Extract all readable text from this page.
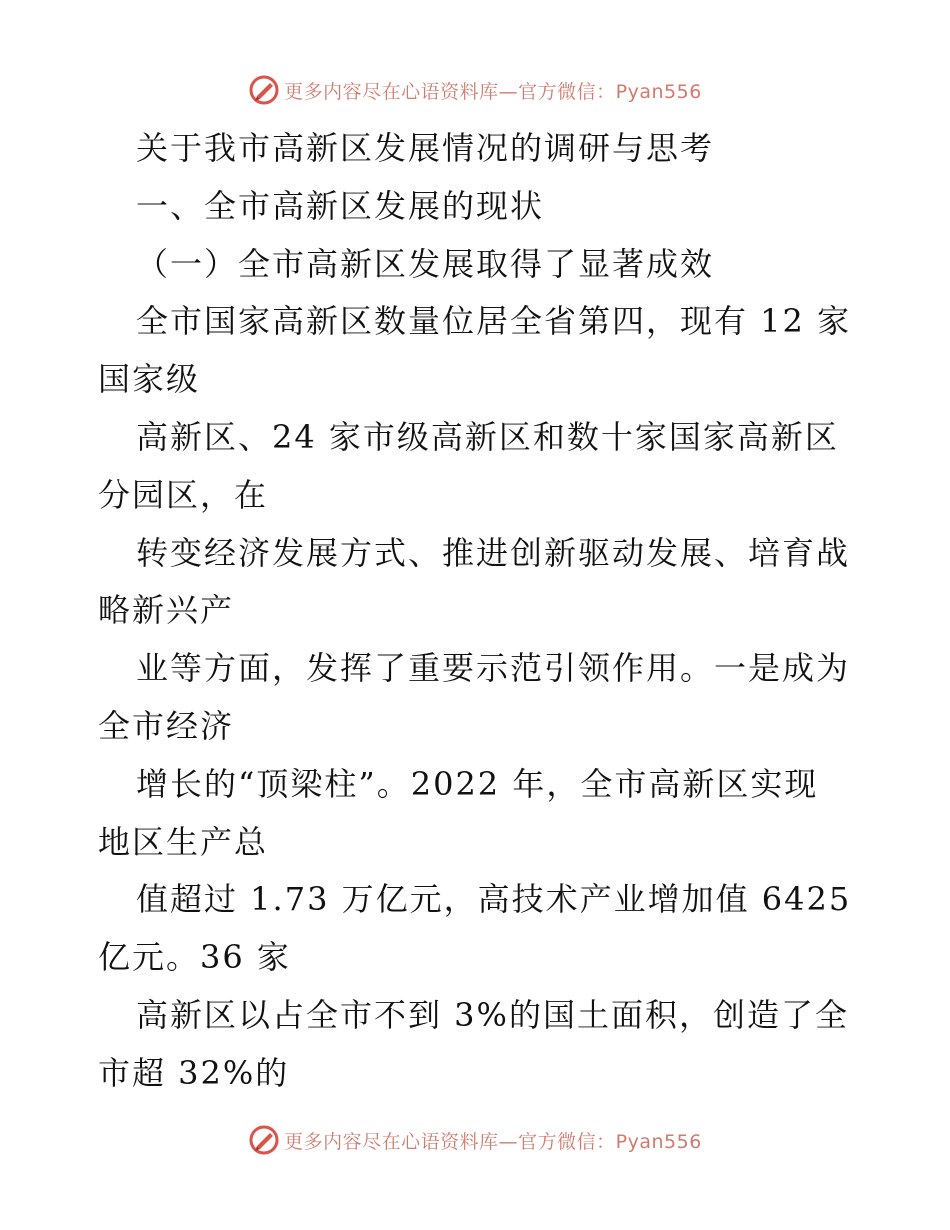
更多内容尽在心语资料库—官方微信：Pyan556
关于我市高新区发展情况的调研与思考
一、全市高新区发展的现状
（一）全市高新区发展取得了显著成效
全市国家高新区数量位居全省第四，现有 12 家
国家级
高新区、24 家市级高新区和数十家国家高新区
分园区，在
转变经济发展方式、推进创新驱动发展、培育战
略新兴产
业等方面，发挥了重要示范引领作用。一是成为
全市经济
增长的“顶梁柱”。2022 年，全市高新区实现
地区生产总
值超过 1.73 万亿元，高技术产业增加值 6425
亿元。36 家
高新区以占全市不到 3%的国土面积，创造了全
市超 32%的
更多内容尽在心语资料库—官方微信：Pyan556
